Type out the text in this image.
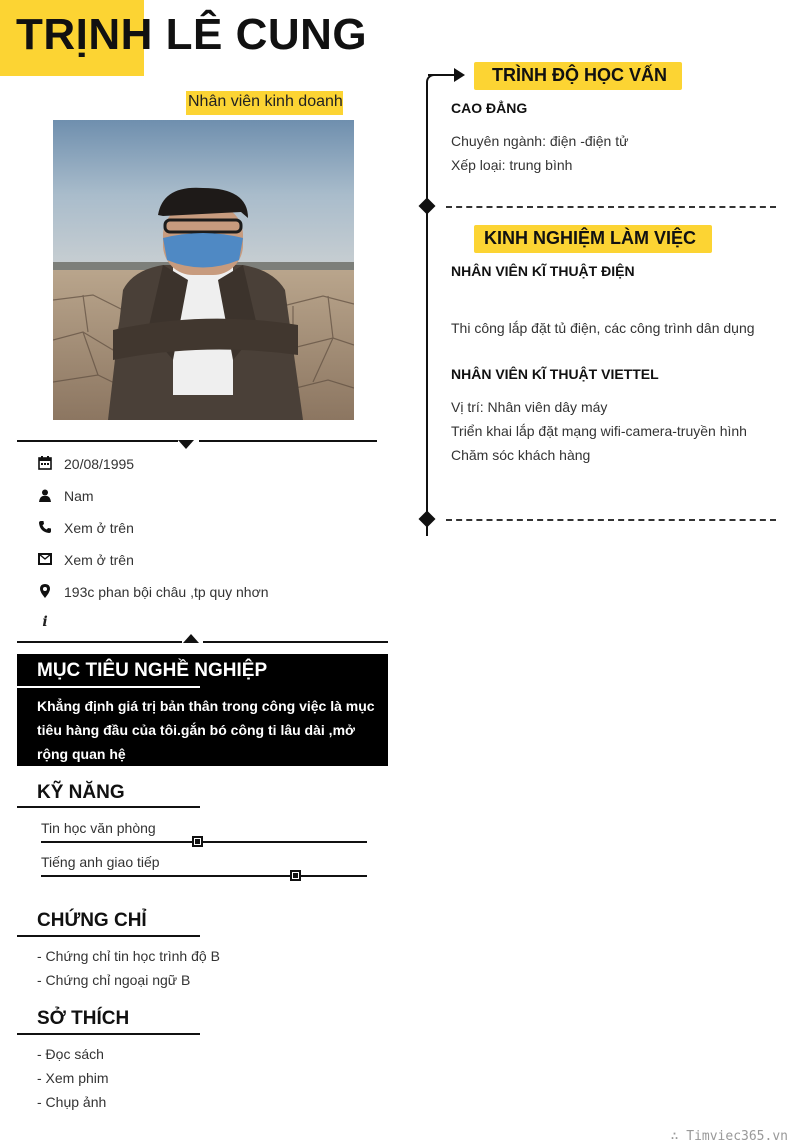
TRỊNH LÊ CUNG
Nhân viên kinh doanh
20/08/1995
Nam
Xem ở trên
Xem ở trên
193c phan bội châu ,tp quy nhơn
i
MỤC TIÊU NGHỀ NGHIỆP
Khẳng định giá trị bản thân trong công việc là mục tiêu hàng đầu của tôi.gắn bó công ti lâu dài ,mở rộng quan hệ
KỸ NĂNG
Tin học văn phòng
Tiếng anh giao tiếp
CHỨNG CHỈ
- Chứng chỉ tin học trình độ B
- Chứng chỉ ngoại ngữ B
SỞ THÍCH
- Đọc sách
- Xem phim
- Chụp ảnh
TRÌNH ĐỘ HỌC VẤN
CAO ĐẲNG
Chuyên ngành: điện -điện tử
Xếp loại: trung bình
KINH NGHIỆM LÀM VIỆC
NHÂN VIÊN KĨ THUẬT ĐIỆN
Thi công lắp đặt tủ điện, các công trình dân dụng
NHÂN VIÊN KĨ THUẬT VIETTEL
Vị trí: Nhân viên dây máy
Triển khai lắp đặt mạng wifi-camera-truyền hình
Chăm sóc khách hàng
∴ Timviec365.vn
